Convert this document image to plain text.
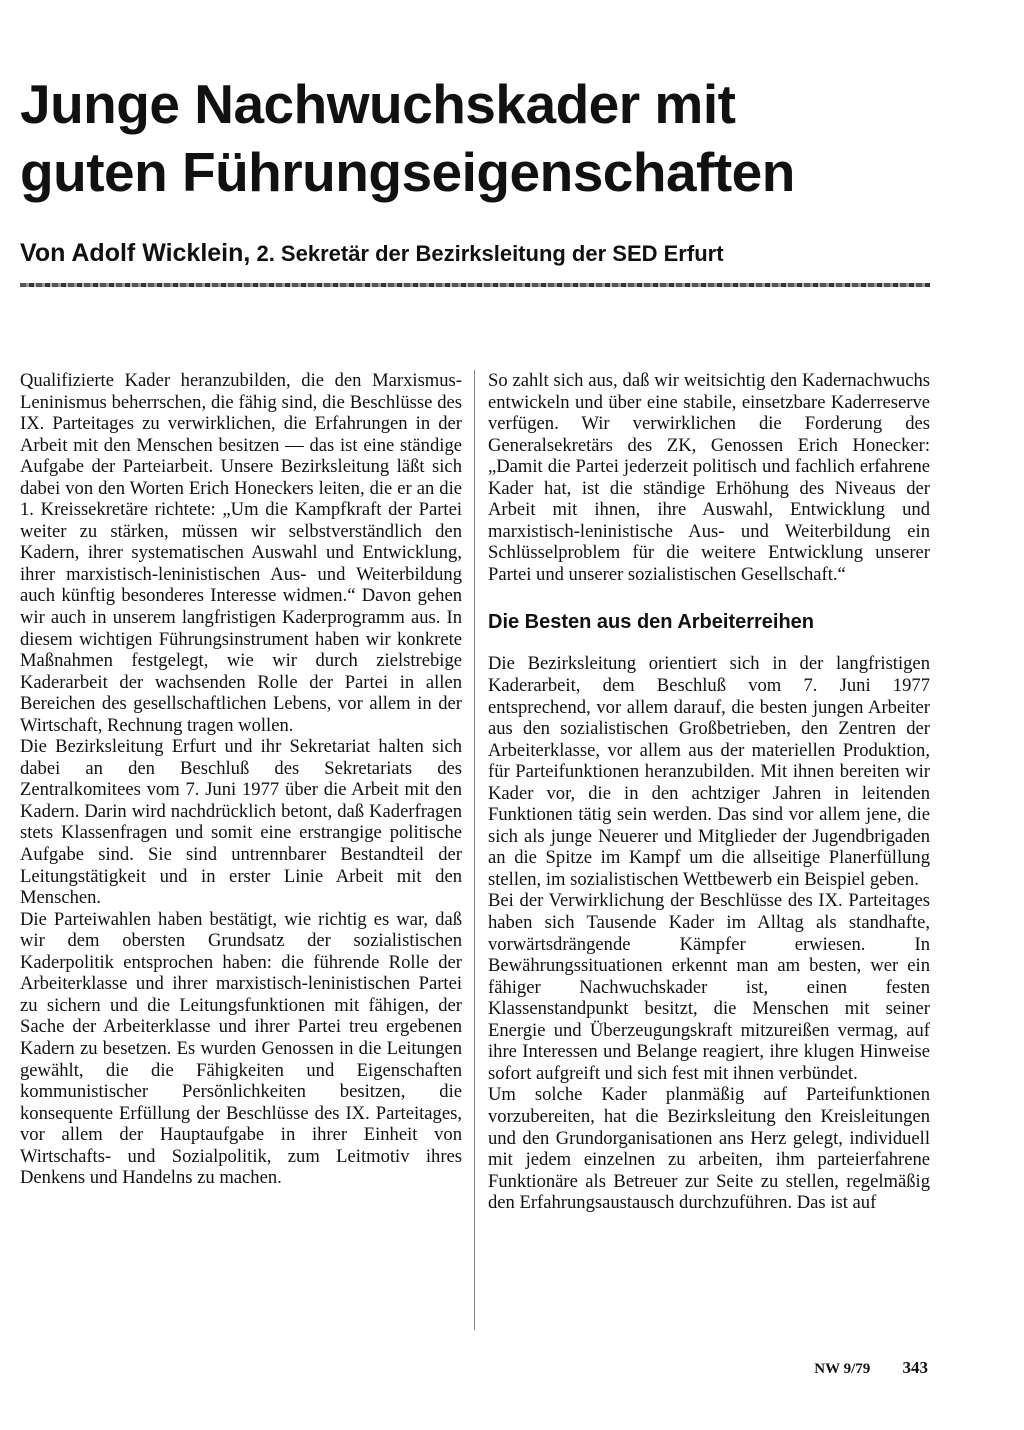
Junge Nachwuchskader mit
guten Führungseigenschaften
Von Adolf Wicklein, 2. Sekretär der Bezirksleitung der SED Erfurt

Qualifizierte Kader heranzubilden, die den Marxismus-Leninismus beherrschen, die fähig sind, die Beschlüsse des IX. Parteitages zu verwirklichen, die Erfahrungen in der Arbeit mit den Menschen besitzen — das ist eine ständige Aufgabe der Parteiarbeit. Unsere Bezirksleitung läßt sich dabei von den Worten Erich Honeckers leiten, die er an die 1. Kreissekretäre richtete: „Um die Kampfkraft der Partei weiter zu stärken, müssen wir selbstverständlich den Kadern, ihrer systematischen Auswahl und Entwicklung, ihrer marxistisch-leninistischen Aus- und Weiterbildung auch künftig besonderes Interesse widmen.“ Davon gehen wir auch in unserem langfristigen Kaderprogramm aus. In diesem wichtigen Führungsinstrument haben wir konkrete Maßnahmen festgelegt, wie wir durch zielstrebige Kaderarbeit der wachsenden Rolle der Partei in allen Bereichen des gesellschaftlichen Lebens, vor allem in der Wirtschaft, Rechnung tragen wollen.

Die Bezirksleitung Erfurt und ihr Sekretariat halten sich dabei an den Beschluß des Sekretariats des Zentralkomitees vom 7. Juni 1977 über die Arbeit mit den Kadern. Darin wird nachdrücklich betont, daß Kaderfragen stets Klassenfragen und somit eine erstrangige politische Aufgabe sind. Sie sind untrennbarer Bestandteil der Leitungstätigkeit und in erster Linie Arbeit mit den Menschen.

Die Parteiwahlen haben bestätigt, wie richtig es war, daß wir dem obersten Grundsatz der sozialistischen Kaderpolitik entsprochen haben: die führende Rolle der Arbeiterklasse und ihrer marxistisch-leninistischen Partei zu sichern und die Leitungsfunktionen mit fähigen, der Sache der Arbeiterklasse und ihrer Partei treu ergebenen Kadern zu besetzen. Es wurden Genossen in die Leitungen gewählt, die die Fähigkeiten und Eigenschaften kommunistischer Persönlichkeiten besitzen, die konsequente Erfüllung der Beschlüsse des IX. Parteitages, vor allem der Hauptaufgabe in ihrer Einheit von Wirtschafts- und Sozialpolitik, zum Leitmotiv ihres Denkens und Handelns zu machen.

So zahlt sich aus, daß wir weitsichtig den Kadernachwuchs entwickeln und über eine stabile, einsetzbare Kaderreserve verfügen. Wir verwirklichen die Forderung des Generalsekretärs des ZK, Genossen Erich Honecker: „Damit die Partei jederzeit politisch und fachlich erfahrene Kader hat, ist die ständige Erhöhung des Niveaus der Arbeit mit ihnen, ihre Auswahl, Entwicklung und marxistisch-leninistische Aus- und Weiterbildung ein Schlüsselproblem für die weitere Entwicklung unserer Partei und unserer sozialistischen Gesellschaft.“

Die Besten aus den Arbeiterreihen

Die Bezirksleitung orientiert sich in der langfristigen Kaderarbeit, dem Beschluß vom 7. Juni 1977 entsprechend, vor allem darauf, die besten jungen Arbeiter aus den sozialistischen Großbetrieben, den Zentren der Arbeiterklasse, vor allem aus der materiellen Produktion, für Parteifunktionen heranzubilden. Mit ihnen bereiten wir Kader vor, die in den achtziger Jahren in leitenden Funktionen tätig sein werden. Das sind vor allem jene, die sich als junge Neuerer und Mitglieder der Jugendbrigaden an die Spitze im Kampf um die allseitige Planerfüllung stellen, im sozialistischen Wettbewerb ein Beispiel geben.

Bei der Verwirklichung der Beschlüsse des IX. Parteitages haben sich Tausende Kader im Alltag als standhafte, vorwärtsdrängende Kämpfer erwiesen. In Bewährungssituationen erkennt man am besten, wer ein fähiger Nachwuchskader ist, einen festen Klassenstandpunkt besitzt, die Menschen mit seiner Energie und Überzeugungskraft mitzureißen vermag, auf ihre Interessen und Belange reagiert, ihre klugen Hinweise sofort aufgreift und sich fest mit ihnen verbündet.

Um solche Kader planmäßig auf Parteifunktionen vorzubereiten, hat die Bezirksleitung den Kreisleitungen und den Grundorganisationen ans Herz gelegt, individuell mit jedem einzelnen zu arbeiten, ihm parteierfahrene Funktionäre als Betreuer zur Seite zu stellen, regelmäßig den Erfahrungsaustausch durchzuführen. Das ist auf

NW 9/79 343
